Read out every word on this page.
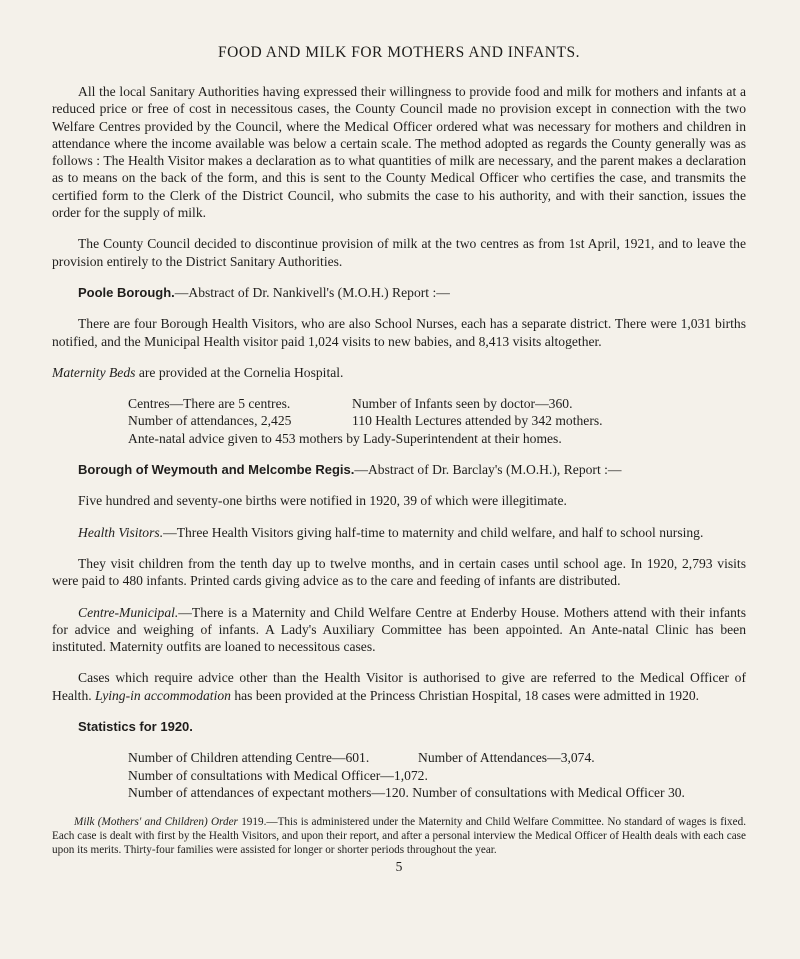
FOOD AND MILK FOR MOTHERS AND INFANTS.

All the local Sanitary Authorities having expressed their willingness to provide food and milk for mothers and infants at a reduced price or free of cost in necessitous cases, the County Council made no provision except in connection with the two Welfare Centres provided by the Council, where the Medical Officer ordered what was necessary for mothers and children in attendance where the income available was below a certain scale. The method adopted as regards the County generally was as follows : The Health Visitor makes a declaration as to what quantities of milk are necessary, and the parent makes a declaration as to means on the back of the form, and this is sent to the County Medical Officer who certifies the case, and transmits the certified form to the Clerk of the District Council, who submits the case to his authority, and with their sanction, issues the order for the supply of milk.

The County Council decided to discontinue provision of milk at the two centres as from 1st April, 1921, and to leave the provision entirely to the District Sanitary Authorities.

Poole Borough.—Abstract of Dr. Nankivell's (M.O.H.) Report :—

There are four Borough Health Visitors, who are also School Nurses, each has a separate district. There were 1,031 births notified, and the Municipal Health visitor paid 1,024 visits to new babies, and 8,413 visits altogether.

Maternity Beds are provided at the Cornelia Hospital.

Centres—There are 5 centres.	Number of Infants seen by doctor—360.

Number of attendances, 2,425	110 Health Lectures attended by 342 mothers.

Ante-natal advice given to 453 mothers by Lady-Superintendent at their homes.

Borough of Weymouth and Melcombe Regis.—Abstract of Dr. Barclay's (M.O.H.), Report :—

Five hundred and seventy-one births were notified in 1920, 39 of which were illegitimate.

Health Visitors.—Three Health Visitors giving half-time to maternity and child welfare, and half to school nursing.

They visit children from the tenth day up to twelve months, and in certain cases until school age. In 1920, 2,793 visits were paid to 480 infants. Printed cards giving advice as to the care and feeding of infants are distributed.

Centre-Municipal.—There is a Maternity and Child Welfare Centre at Enderby House. Mothers attend with their infants for advice and weighing of infants. A Lady's Auxiliary Committee has been appointed. An Ante-natal Clinic has been instituted. Maternity outfits are loaned to necessitous cases.

Cases which require advice other than the Health Visitor is authorised to give are referred to the Medical Officer of Health. Lying-in accommodation has been provided at the Princess Christian Hospital, 18 cases were admitted in 1920.

Statistics for 1920.

Number of Children attending Centre—601.	Number of Attendances—3,074.

Number of consultations with Medical Officer—1,072.

Number of attendances of expectant mothers—120. Number of consultations with Medical Officer 30.

Milk (Mothers' and Children) Order 1919.—This is administered under the Maternity and Child Welfare Committee. No standard of wages is fixed. Each case is dealt with first by the Health Visitors, and upon their report, and after a personal interview the Medical Officer of Health deals with each case upon its merits. Thirty-four families were assisted for longer or shorter periods throughout the year.

5
